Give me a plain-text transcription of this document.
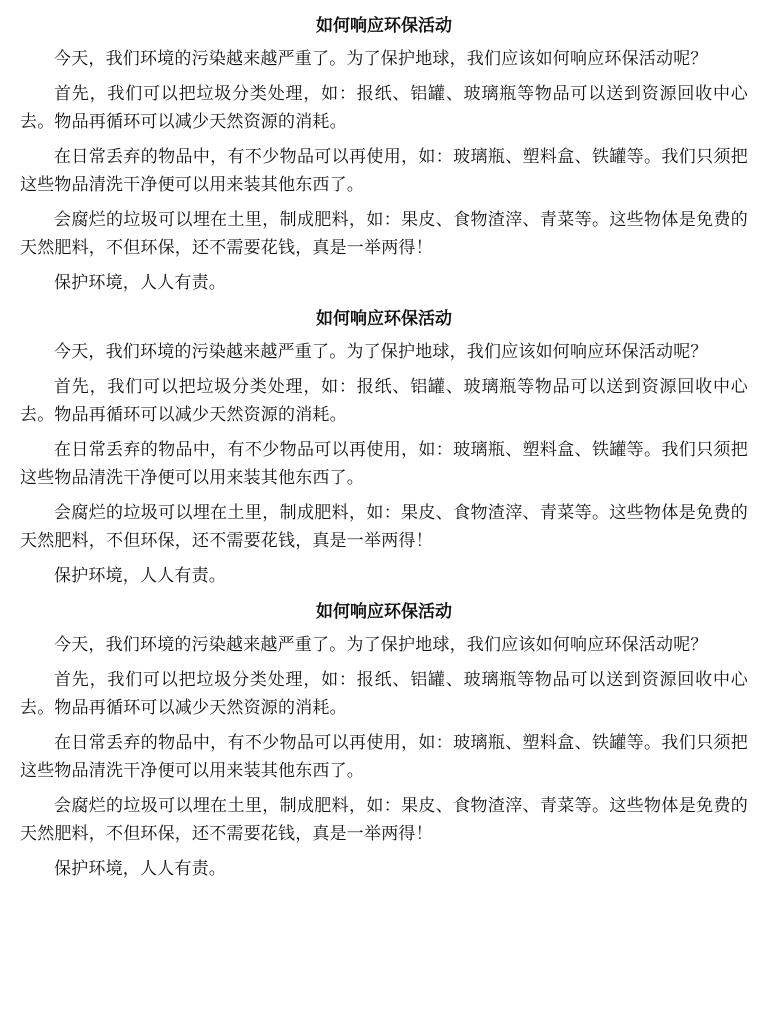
如何响应环保活动

今天，我们环境的污染越来越严重了。为了保护地球，我们应该如何响应环保活动呢？

首先，我们可以把垃圾分类处理，如：报纸、铝罐、玻璃瓶等物品可以送到资源回收中心去。物品再循环可以减少天然资源的消耗。

在日常丢弃的物品中，有不少物品可以再使用，如：玻璃瓶、塑料盒、铁罐等。我们只须把这些物品清洗干净便可以用来装其他东西了。

会腐烂的垃圾可以埋在土里，制成肥料，如：果皮、食物渣滓、青菜等。这些物体是免费的天然肥料，不但环保，还不需要花钱，真是一举两得！

保护环境，人人有责。

如何响应环保活动

今天，我们环境的污染越来越严重了。为了保护地球，我们应该如何响应环保活动呢？

首先，我们可以把垃圾分类处理，如：报纸、铝罐、玻璃瓶等物品可以送到资源回收中心去。物品再循环可以减少天然资源的消耗。

在日常丢弃的物品中，有不少物品可以再使用，如：玻璃瓶、塑料盒、铁罐等。我们只须把这些物品清洗干净便可以用来装其他东西了。

会腐烂的垃圾可以埋在土里，制成肥料，如：果皮、食物渣滓、青菜等。这些物体是免费的天然肥料，不但环保，还不需要花钱，真是一举两得！

保护环境，人人有责。

如何响应环保活动

今天，我们环境的污染越来越严重了。为了保护地球，我们应该如何响应环保活动呢？

首先，我们可以把垃圾分类处理，如：报纸、铝罐、玻璃瓶等物品可以送到资源回收中心去。物品再循环可以减少天然资源的消耗。

在日常丢弃的物品中，有不少物品可以再使用，如：玻璃瓶、塑料盒、铁罐等。我们只须把这些物品清洗干净便可以用来装其他东西了。

会腐烂的垃圾可以埋在土里，制成肥料，如：果皮、食物渣滓、青菜等。这些物体是免费的天然肥料，不但环保，还不需要花钱，真是一举两得！

保护环境，人人有责。
